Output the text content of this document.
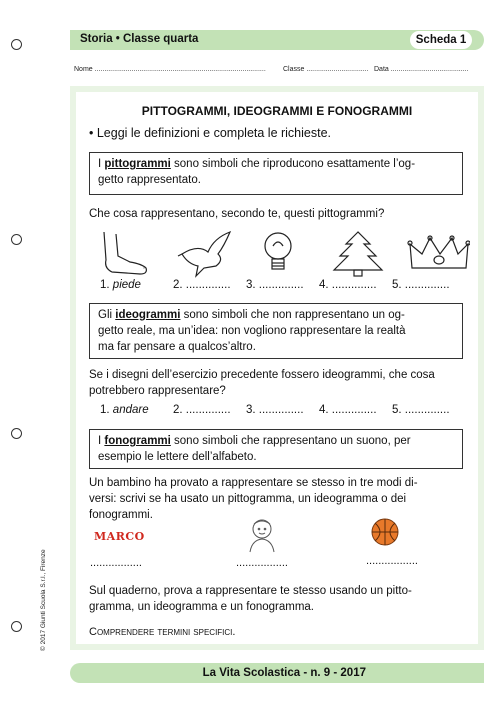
Storia • Classe quarta	Scheda 1
Nome ........................................................................................ Classe ................................ Data ........................................
PITTOGRAMMI, IDEOGRAMMI E FONOGRAMMI
• Leggi le definizioni e completa le richieste.
I pittogrammi sono simboli che riproducono esattamente l’og-
getto rappresentato.
Che cosa rappresentano, secondo te, questi pittogrammi?
1. piede	2. .............. 3. .............. 4. .............. 5. ..............
Gli ideogrammi sono simboli che non rappresentano un og-
getto reale, ma un’idea: non vogliono rappresentare la realtà
ma far pensare a qualcos’altro.
Se i disegni dell’esercizio precedente fossero ideogrammi, che cosa
potrebbero rappresentare?
1. andare 2. .............. 3. .............. 4. .............. 5. ..............
I fonogrammi sono simboli che rappresentano un suono, per
esempio le lettere dell’alfabeto.
Un bambino ha provato a rappresentare se stesso in tre modi di-
versi: scrivi se ha usato un pittogramma, un ideogramma o dei
fonogrammi.
MARCO
.................	.................	.................
Sul quaderno, prova a rappresentare te stesso usando un pitto-
gramma, un ideogramma e un fonogramma.
Comprendere termini specifici.
© 2017 Giunti Scuola S.r.l., Firenze
La Vita Scolastica - n. 9 - 2017
